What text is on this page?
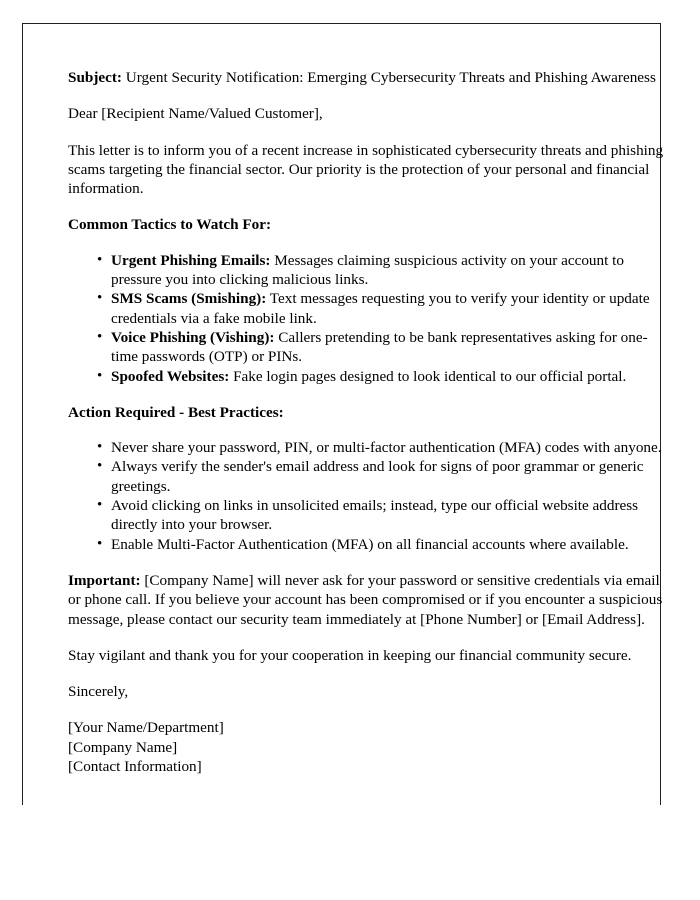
Subject: Urgent Security Notification: Emerging Cybersecurity Threats and Phishing Awareness

Dear [Recipient Name/Valued Customer],

This letter is to inform you of a recent increase in sophisticated cybersecurity threats and phishing scams targeting the financial sector. Our priority is the protection of your personal and financial information.

Common Tactics to Watch For:

• Urgent Phishing Emails: Messages claiming suspicious activity on your account to pressure you into clicking malicious links.
• SMS Scams (Smishing): Text messages requesting you to verify your identity or update credentials via a fake mobile link.
• Voice Phishing (Vishing): Callers pretending to be bank representatives asking for one-time passwords (OTP) or PINs.
• Spoofed Websites: Fake login pages designed to look identical to our official portal.

Action Required - Best Practices:

• Never share your password, PIN, or multi-factor authentication (MFA) codes with anyone.
• Always verify the sender's email address and look for signs of poor grammar or generic greetings.
• Avoid clicking on links in unsolicited emails; instead, type our official website address directly into your browser.
• Enable Multi-Factor Authentication (MFA) on all financial accounts where available.

Important: [Company Name] will never ask for your password or sensitive credentials via email or phone call. If you believe your account has been compromised or if you encounter a suspicious message, please contact our security team immediately at [Phone Number] or [Email Address].

Stay vigilant and thank you for your cooperation in keeping our financial community secure.

Sincerely,

[Your Name/Department]
[Company Name]
[Contact Information]
